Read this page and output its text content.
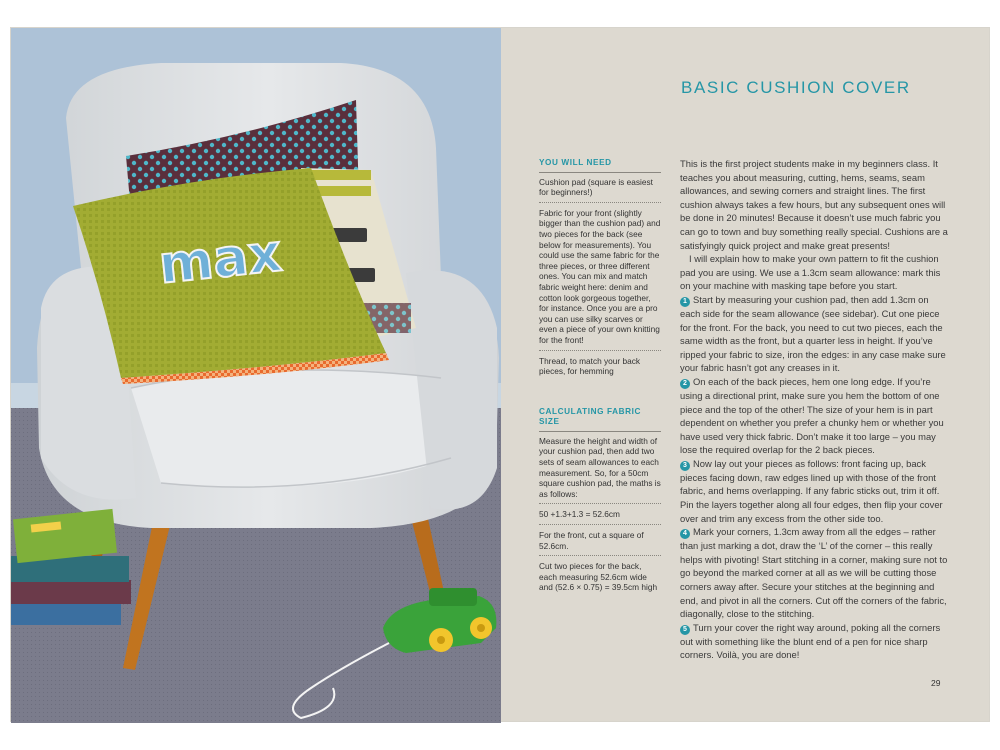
max
BASIC CUSHION COVER
YOU WILL NEED
Cushion pad (square is easiest for beginners!)
Fabric for your front (slightly bigger than the cushion pad) and two pieces for the back (see below for measurements). You could use the same fabric for the three pieces, or three different ones. You can mix and match fabric weight here: denim and cotton look gorgeous together, for instance. Once you are a pro you can use silky scarves or even a piece of your own knitting for the front!
Thread, to match your back pieces, for hemming
CALCULATING FABRIC SIZE
Measure the height and width of your cushion pad, then add two sets of seam allowances to each measurement. So, for a 50cm square cushion pad, the maths is as follows:
50 +1.3+1.3 = 52.6cm
For the front, cut a square of 52.6cm.
Cut two pieces for the back, each measuring 52.6cm wide and (52.6 × 0.75) = 39.5cm high

This is the first project students make in my beginners class. It teaches you about measuring, cutting, hems, seams, seam allowances, and sewing corners and straight lines. The first cushion always takes a few hours, but any subsequent ones will be done in 20 minutes! Because it doesn’t use much fabric you can go to town and buy something really special. Cushions are a satisfyingly quick project and make great presents!

I will explain how to make your own pattern to fit the cushion pad you are using. We use a 1.3cm seam allowance: mark this on your machine with masking tape before you start.

1 Start by measuring your cushion pad, then add 1.3cm on each side for the seam allowance (see sidebar). Cut one piece for the front. For the back, you need to cut two pieces, each the same width as the front, but a quarter less in height. If you’ve ripped your fabric to size, iron the edges: in any case make sure your fabric hasn’t got any creases in it.

2 On each of the back pieces, hem one long edge. If you’re using a directional print, make sure you hem the bottom of one piece and the top of the other! The size of your hem is in part dependent on whether you prefer a chunky hem or whether you have used very thick fabric. Don’t make it too large – you may lose the required overlap for the 2 back pieces.

3 Now lay out your pieces as follows: front facing up, back pieces facing down, raw edges lined up with those of the front fabric, and hems overlapping. If any fabric sticks out, trim it off. Pin the layers together along all four edges, then flip your cover over and trim any excess from the other side too.

4 Mark your corners, 1.3cm away from all the edges – rather than just marking a dot, draw the ‘L’ of the corner – this really helps with pivoting! Start stitching in a corner, making sure not to go beyond the marked corner at all as we will be cutting those corners away after. Secure your stitches at the beginning and end, and pivot in all the corners. Cut off the corners of the fabric, diagonally, close to the stitching.

5 Turn your cover the right way around, poking all the corners out with something like the blunt end of a pen for nice sharp corners. Voilà, you are done!

29
